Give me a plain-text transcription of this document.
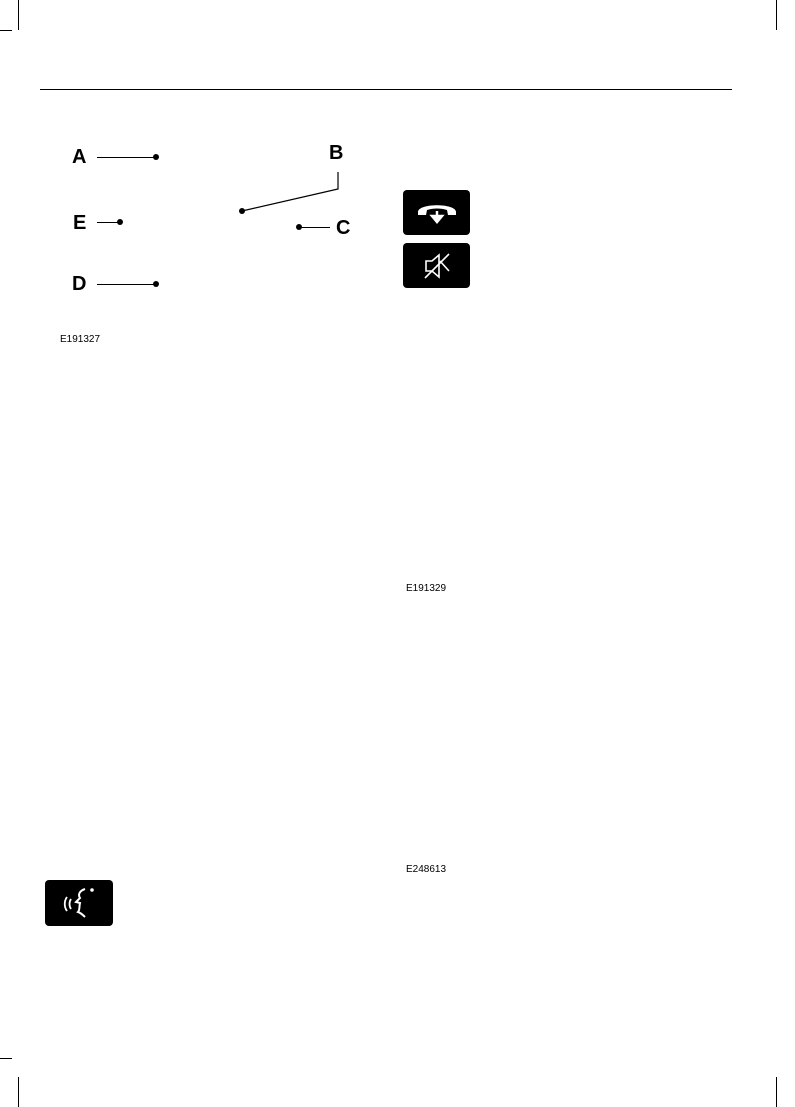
A	B
C
E
D
E191327
E191329
E248613
